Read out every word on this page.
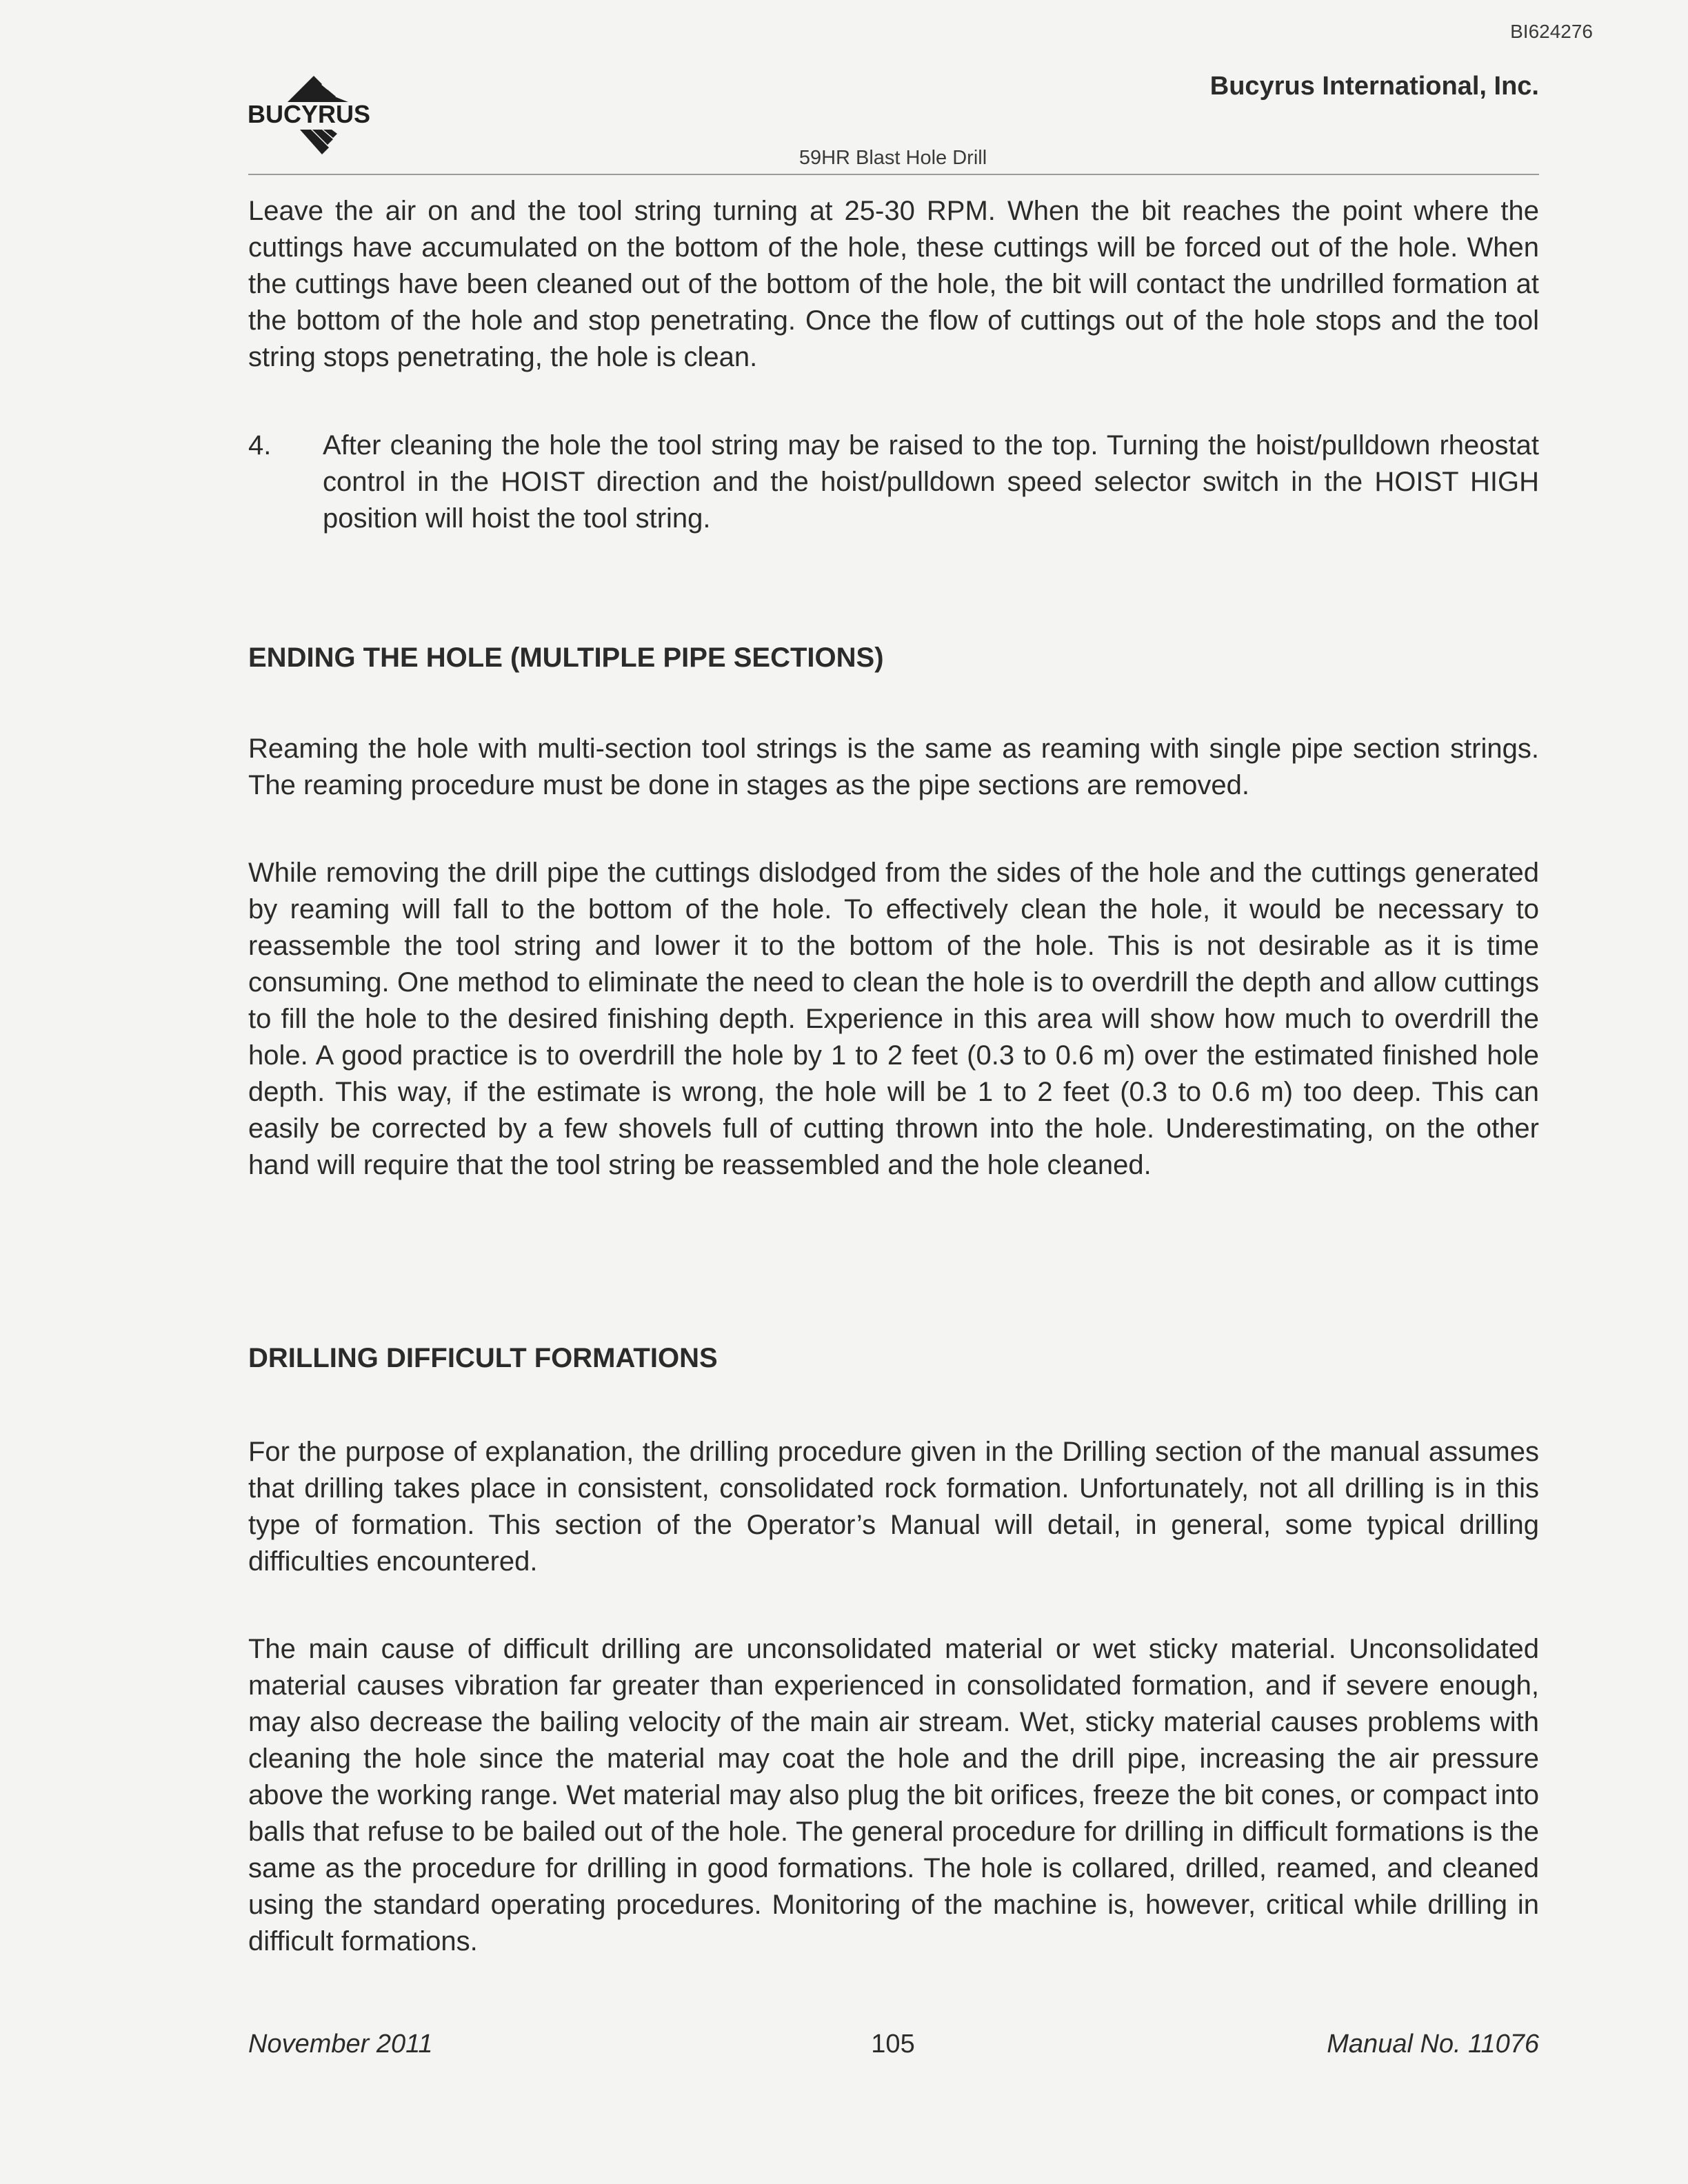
BI624276
BUCYRUS
Bucyrus International, Inc.
59HR Blast Hole Drill

Leave the air on and the tool string turning at 25-30 RPM. When the bit reaches the point where the cuttings have accumulated on the bottom of the hole, these cuttings will be forced out of the hole. When the cuttings have been cleaned out of the bottom of the hole, the bit will contact the undrilled formation at the bottom of the hole and stop penetrating. Once the flow of cuttings out of the hole stops and the tool string stops penetrating, the hole is clean.

4.	After cleaning the hole the tool string may be raised to the top. Turning the hoist/pulldown rheostat control in the HOIST direction and the hoist/pulldown speed selector switch in the HOIST HIGH position will hoist the tool string.
ENDING THE HOLE (MULTIPLE PIPE SECTIONS)

Reaming the hole with multi-section tool strings is the same as reaming with single pipe section strings. The reaming procedure must be done in stages as the pipe sections are removed.

While removing the drill pipe the cuttings dislodged from the sides of the hole and the cuttings generated by reaming will fall to the bottom of the hole. To effectively clean the hole, it would be necessary to reassemble the tool string and lower it to the bottom of the hole. This is not desirable as it is time consuming. One method to eliminate the need to clean the hole is to overdrill the depth and allow cuttings to fill the hole to the desired finishing depth. Experience in this area will show how much to overdrill the hole. A good practice is to overdrill the hole by 1 to 2 feet (0.3 to 0.6 m) over the estimated finished hole depth. This way, if the estimate is wrong, the hole will be 1 to 2 feet (0.3 to 0.6 m) too deep. This can easily be corrected by a few shovels full of cutting thrown into the hole. Underestimating, on the other hand will require that the tool string be reassembled and the hole cleaned.

DRILLING DIFFICULT FORMATIONS

For the purpose of explanation, the drilling procedure given in the Drilling section of the manual assumes that drilling takes place in consistent, consolidated rock formation. Unfortunately, not all drilling is in this type of formation. This section of the Operator’s Manual will detail, in general, some typical drilling difficulties encountered.

The main cause of difficult drilling are unconsolidated material or wet sticky material. Unconsolidated material causes vibration far greater than experienced in consolidated formation, and if severe enough, may also decrease the bailing velocity of the main air stream. Wet, sticky material causes problems with cleaning the hole since the material may coat the hole and the drill pipe, increasing the air pressure above the working range. Wet material may also plug the bit orifices, freeze the bit cones, or compact into balls that refuse to be bailed out of the hole. The general procedure for drilling in difficult formations is the same as the procedure for drilling in good formations. The hole is collared, drilled, reamed, and cleaned using the standard operating procedures. Monitoring of the machine is, however, critical while drilling in difficult formations.

November 2011	105	Manual No. 11076
